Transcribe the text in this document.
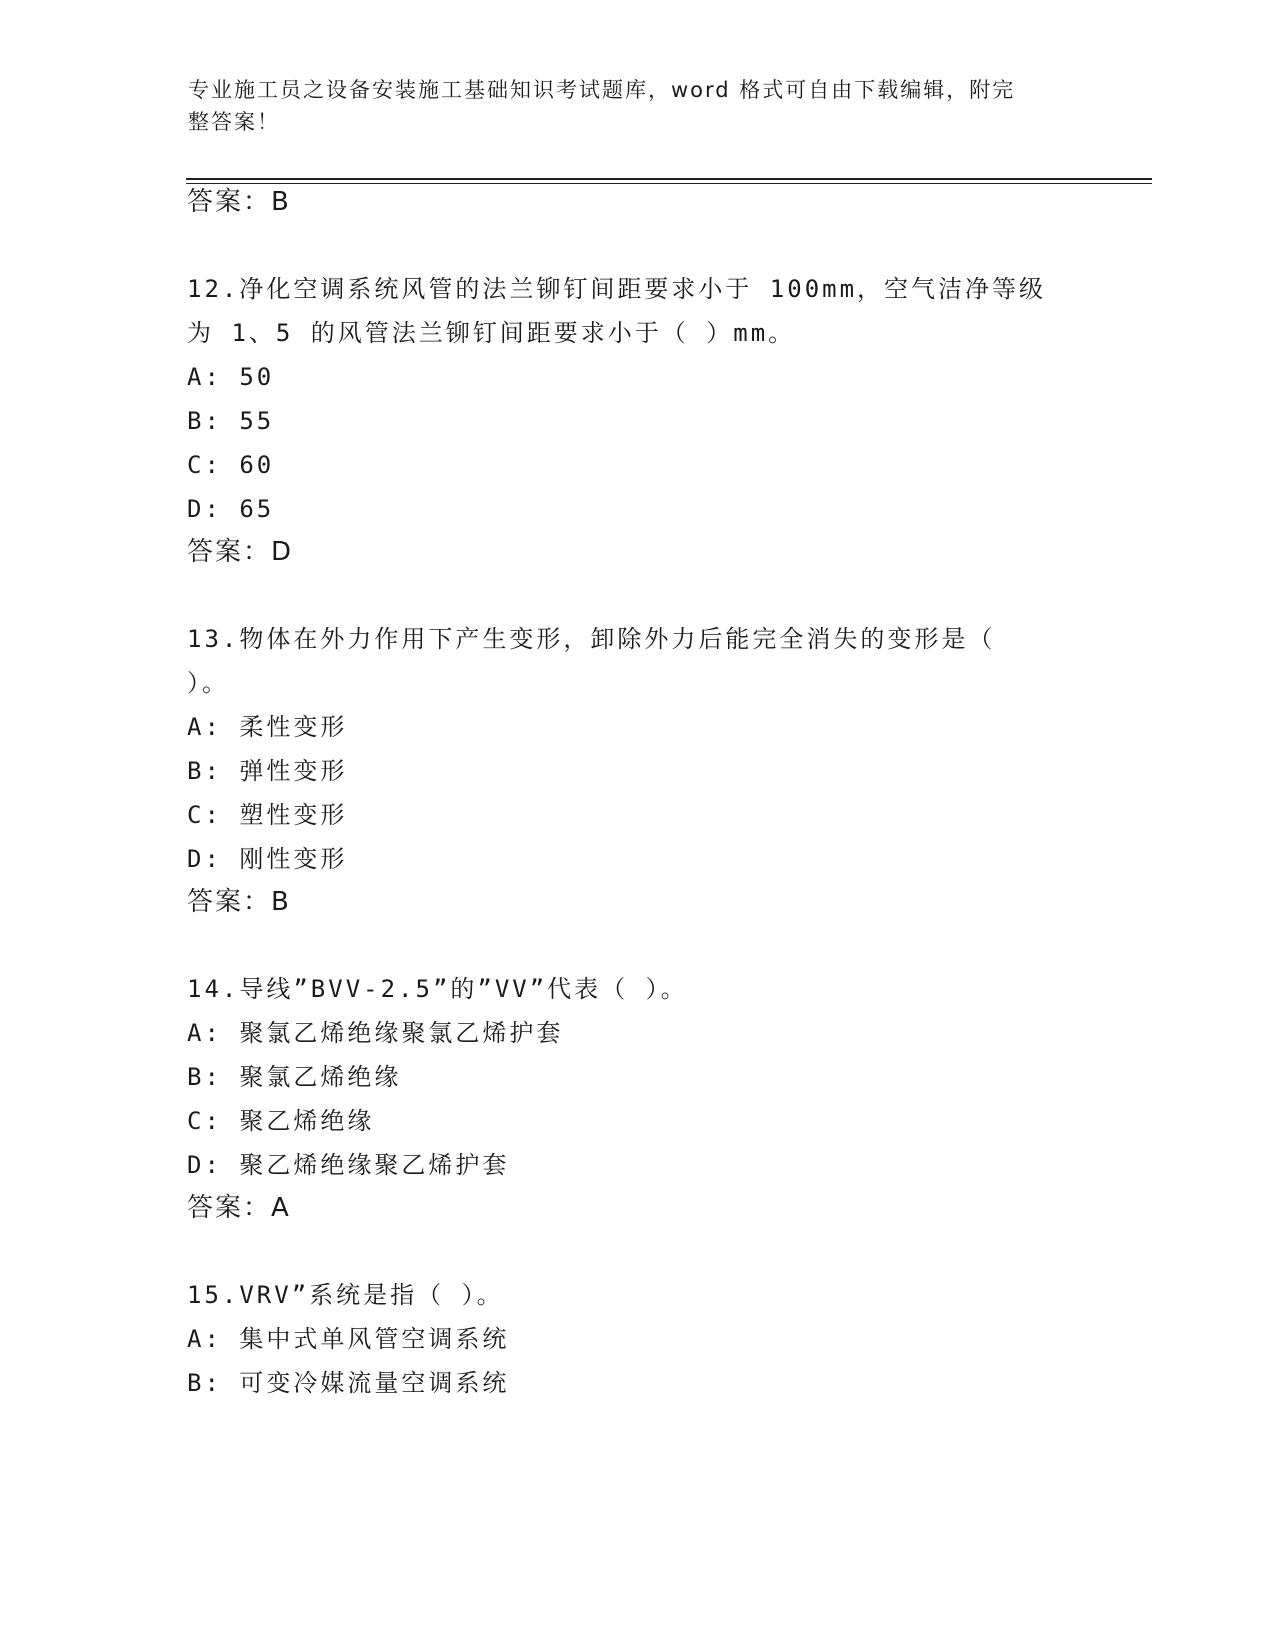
专业施工员之设备安装施工基础知识考试题库，word 格式可自由下载编辑，附完
整答案！
答案：B
12.净化空调系统风管的法兰铆钉间距要求小于 100mm，空气洁净等级
为 1、5 的风管法兰铆钉间距要求小于（ ）mm。
A: 50
B: 55
C: 60
D: 65
答案：D
13.物体在外力作用下产生变形，卸除外力后能完全消失的变形是（
）。
A: 柔性变形
B: 弹性变形
C: 塑性变形
D: 刚性变形
答案：B
14.导线”BVV-2.5”的”VV”代表（ ）。
A: 聚氯乙烯绝缘聚氯乙烯护套
B: 聚氯乙烯绝缘
C: 聚乙烯绝缘
D: 聚乙烯绝缘聚乙烯护套
答案：A
15.VRV”系统是指（ ）。
A: 集中式单风管空调系统
B: 可变冷媒流量空调系统
